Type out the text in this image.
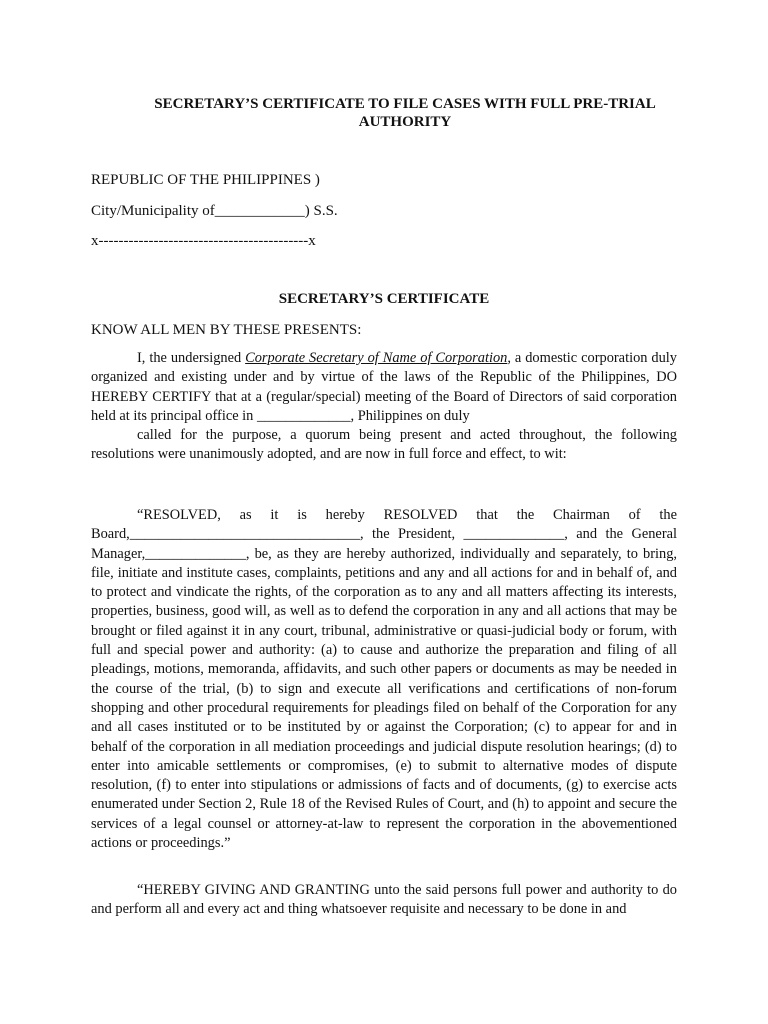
SECRETARY’S CERTIFICATE TO FILE CASES WITH FULL PRE-TRIAL
AUTHORITY
REPUBLIC OF THE PHILIPPINES )
City/Municipality of____________) S.S.
x------------------------------------------x
SECRETARY’S CERTIFICATE
KNOW ALL MEN BY THESE PRESENTS:

I, the undersigned Corporate Secretary of Name of Corporation, a domestic corporation duly organized and existing under and by virtue of the laws of the Republic of the Philippines, DO HEREBY CERTIFY that at a (regular/special) meeting of the Board of Directors of said corporation held at its principal office in _____________, Philippines on duly

called for the purpose, a quorum being present and acted throughout, the following resolutions were unanimously adopted, and are now in full force and effect, to wit:

“RESOLVED, as it is hereby RESOLVED that the Chairman of the Board,________________________________, the President, ______________, and the General Manager,______________, be, as they are hereby authorized, individually and separately, to bring, file, initiate and institute cases, complaints, petitions and any and all actions for and in behalf of, and to protect and vindicate the rights, of the corporation as to any and all matters affecting its interests, properties, business, good will, as well as to defend the corporation in any and all actions that may be brought or filed against it in any court, tribunal, administrative or quasi-judicial body or forum, with full and special power and authority: (a) to cause and authorize the preparation and filing of all pleadings, motions, memoranda, affidavits, and such other papers or documents as may be needed in the course of the trial, (b) to sign and execute all verifications and certifications of non-forum shopping and other procedural requirements for pleadings filed on behalf of the Corporation for any and all cases instituted or to be instituted by or against the Corporation; (c) to appear for and in behalf of the corporation in all mediation proceedings and judicial dispute resolution hearings; (d) to enter into amicable settlements or compromises, (e) to submit to alternative modes of dispute resolution, (f) to enter into stipulations or admissions of facts and of documents, (g) to exercise acts enumerated under Section 2, Rule 18 of the Revised Rules of Court, and (h) to appoint and secure the services of a legal counsel or attorney-at-law to represent the corporation in the abovementioned actions or proceedings.”

“HEREBY GIVING AND GRANTING unto the said persons full power and authority to do and perform all and every act and thing whatsoever requisite and necessary to be done in and
